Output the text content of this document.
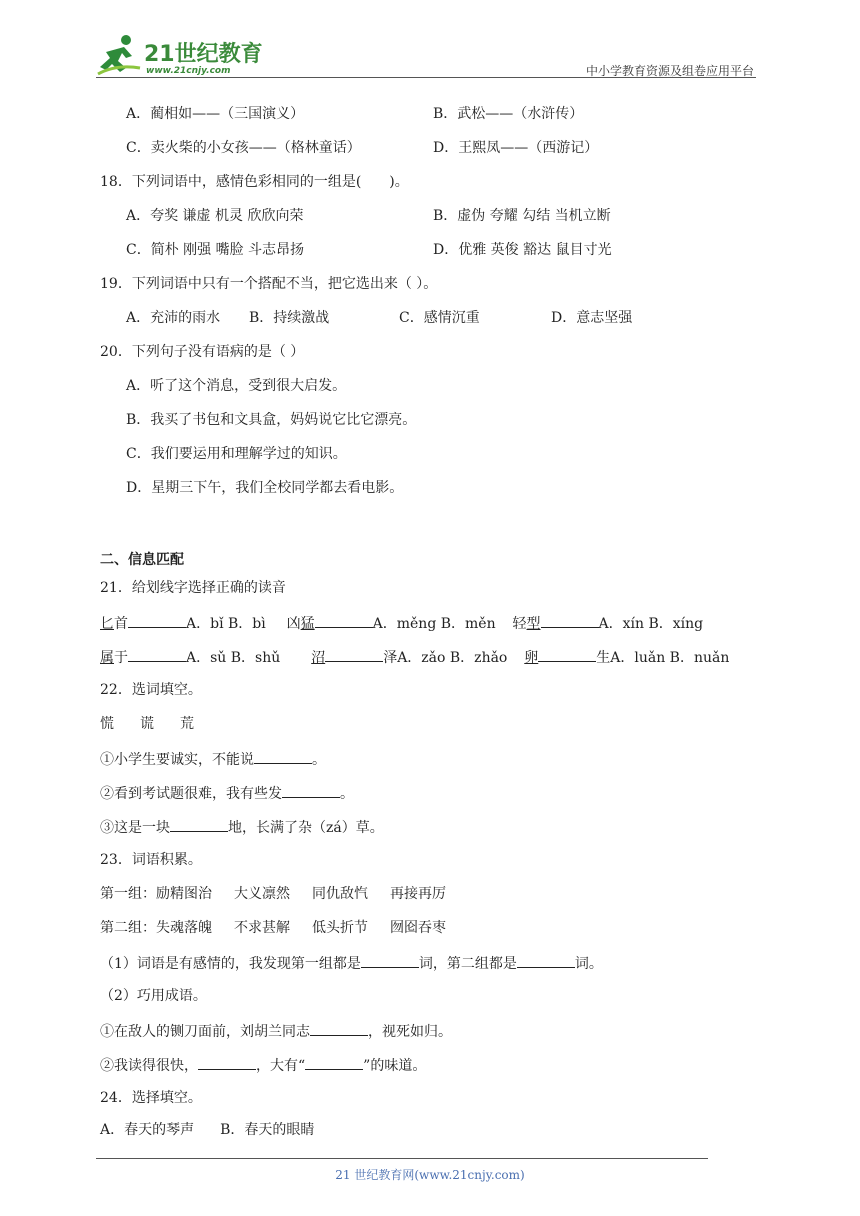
21世纪教育
www.21cnjy.com	中小学教育资源及组卷应用平台
A．蔺相如——（三国演义）	B．武松——（水浒传）
C．卖火柴的小女孩——（格林童话）	D．王熙凤——（西游记）
18．下列词语中，感情色彩相同的一组是(　　)。
A．夸奖 谦虚 机灵 欣欣向荣	B．虚伪 夸耀 勾结 当机立断
C．简朴 刚强 嘴脸 斗志昂扬	D．优雅 英俊 豁达 鼠目寸光
19．下列词语中只有一个搭配不当，把它选出来（ ）。
A．充沛的雨水 B．持续激战	C．感情沉重	D．意志坚强
20．下列句子没有语病的是（ ）
A．听了这个消息，受到很大启发。
B．我买了书包和文具盒，妈妈说它比它漂亮。
C．我们要运用和理解学过的知识。
D．星期三下午，我们全校同学都去看电影。
二、信息匹配
21．给划线字选择正确的读音
匕首	A．bǐ B．bì 凶猛	A．měng B．měn 轻型	A．xín B．xíng
属于	A．sǔ B．shǔ 沼	泽A．zǎo B．zhǎo 卵	生A．luǎn B．nuǎn
22．选词填空。
慌 谎 荒
①小学生要诚实，不能说	。
②看到考试题很难，我有些发	。
③这是一块	地，长满了杂（zá）草。
23．词语积累。
第一组：励精图治 大义凛然 同仇敌忾 再接再厉
第二组：失魂落魄 不求甚解 低头折节 囫囵吞枣
（1）词语是有感情的，我发现第一组都是	词，第二组都是	词。
（2）巧用成语。
①在敌人的铡刀面前，刘胡兰同志	，视死如归。
②我读得很快，	，大有“	”的味道。
24．选择填空。
A．春天的琴声 B．春天的眼睛
21 世纪教育网(www.21cnjy.com)
